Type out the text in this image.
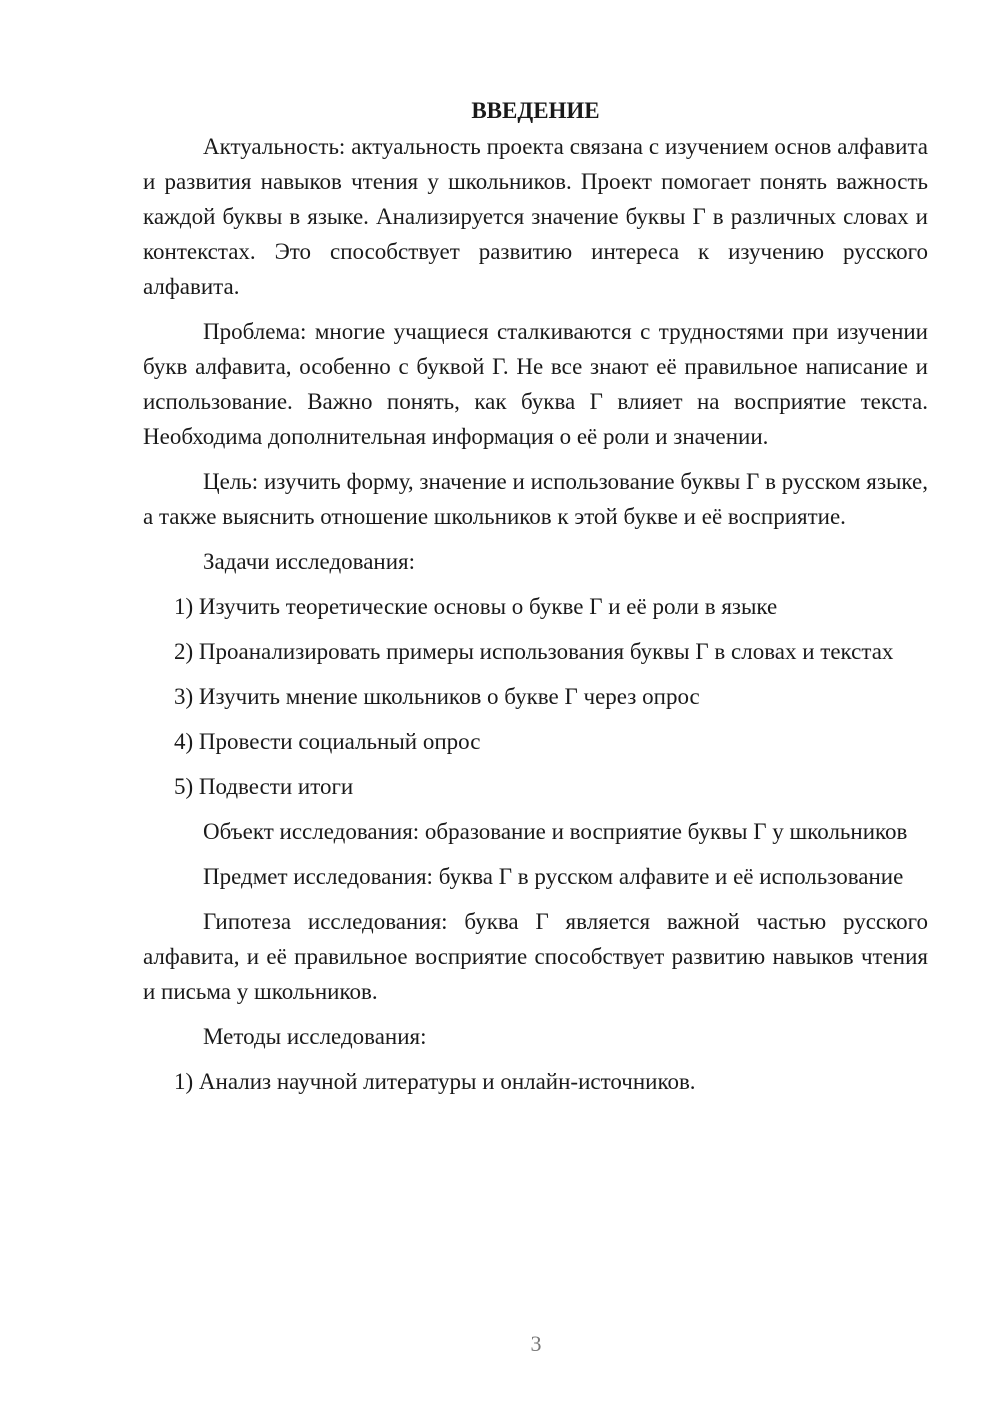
ВВЕДЕНИЕ

Актуальность: актуальность проекта связана с изучением основ алфавита и развития навыков чтения у школьников. Проект помогает понять важность каждой буквы в языке. Анализируется значение буквы Г в различных словах и контекстах. Это способствует развитию интереса к изучению русского алфавита.

Проблема: многие учащиеся сталкиваются с трудностями при изучении букв алфавита, особенно с буквой Г. Не все знают её правильное написание и использование. Важно понять, как буква Г влияет на восприятие текста. Необходима дополнительная информация о её роли и значении.

Цель: изучить форму, значение и использование буквы Г в русском языке, а также выяснить отношение школьников к этой букве и её восприятие.

Задачи исследования:

1) Изучить теоретические основы о букве Г и её роли в языке

2) Проанализировать примеры использования буквы Г в словах и текстах

3) Изучить мнение школьников о букве Г через опрос

4) Провести социальный опрос

5) Подвести итоги

Объект исследования: образование и восприятие буквы Г у школьников

Предмет исследования: буква Г в русском алфавите и её использование

Гипотеза исследования: буква Г является важной частью русского алфавита, и её правильное восприятие способствует развитию навыков чтения и письма у школьников.

Методы исследования:

1) Анализ научной литературы и онлайн-источников.

3
